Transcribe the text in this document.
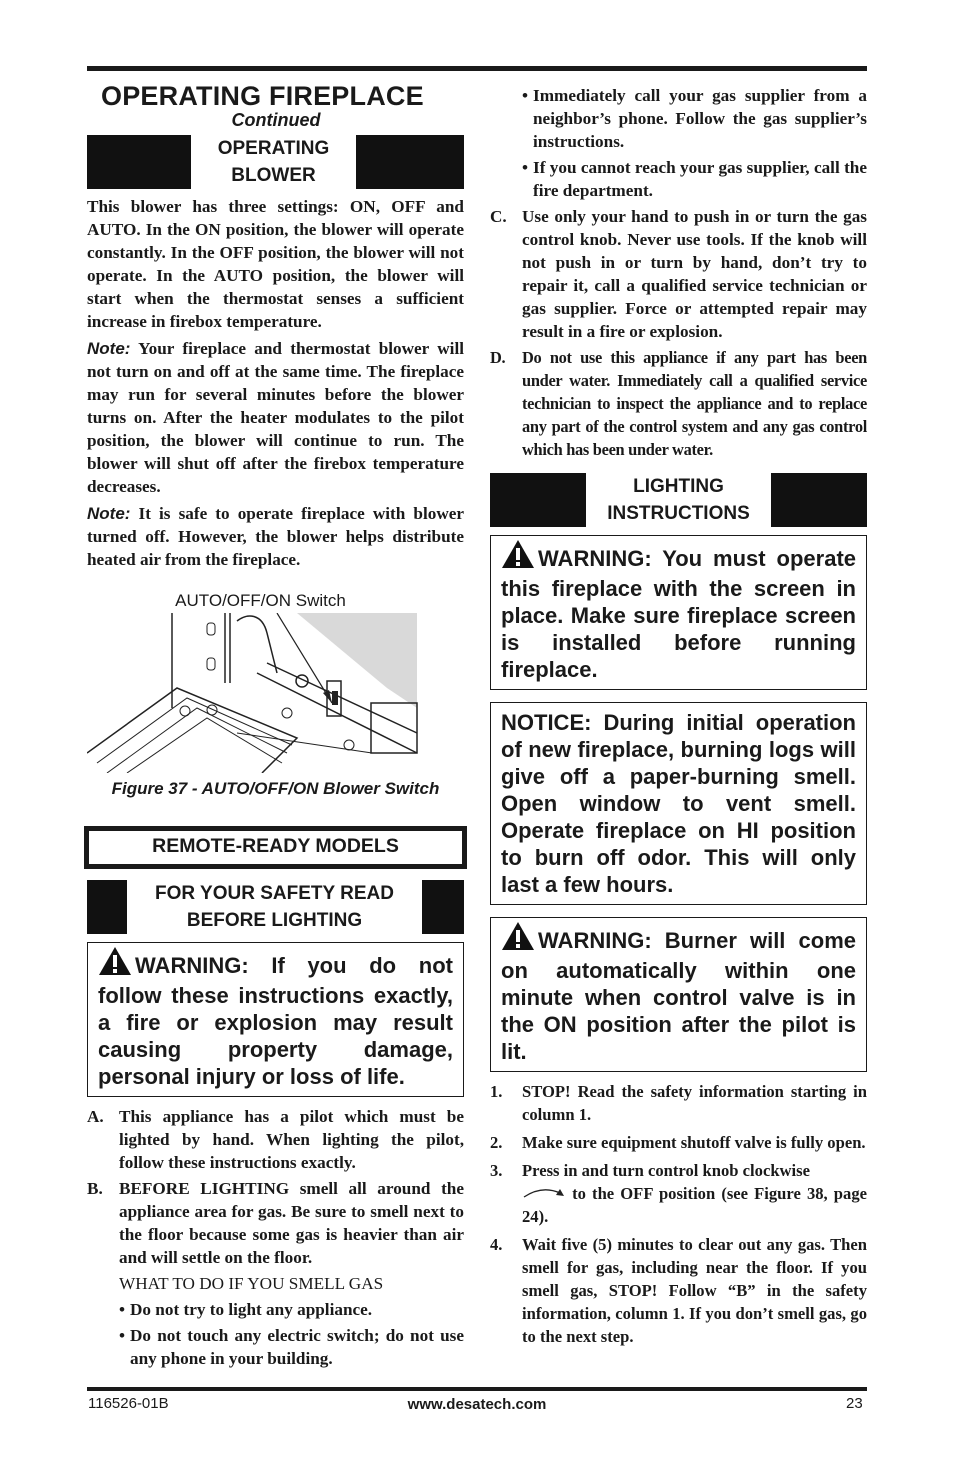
OPERATING FIREPLACE
Continued
OPERATING BLOWER

This blower has three settings: ON, OFF and AUTO. In the ON position, the blower will operate constantly. In the OFF position, the blower will not operate. In the AUTO position, the blower will start when the thermostat senses a sufficient increase in firebox temperature.

Note: Your fireplace and thermostat blower will not turn on and off at the same time. The fireplace may run for several minutes before the blower turns on. After the heater modulates to the pilot position, the blower will continue to run. The blower will shut off after the firebox temperature decreases.

Note: It is safe to operate fireplace with blower turned off. However, the blower helps distribute heated air from the fireplace.

AUTO/OFF/ON Switch
Figure 37 - AUTO/OFF/ON Blower Switch
REMOTE-READY MODELS
FOR YOUR SAFETY READ BEFORE LIGHTING
WARNING: If you do not follow these instructions exactly, a fire or explosion may result causing property damage, personal injury or loss of life.
A. This appliance has a pilot which must be lighted by hand. When lighting the pilot, follow these instructions exactly.
B. BEFORE LIGHTING smell all around the appliance area for gas. Be sure to smell next to the floor because some gas is heavier than air and will settle on the floor.
WHAT TO DO IF YOU SMELL GAS
• Do not try to light any appliance.
• Do not touch any electric switch; do not use any phone in your building.
• Immediately call your gas supplier from a neighbor’s phone. Follow the gas supplier’s instructions.
• If you cannot reach your gas supplier, call the fire department.
C. Use only your hand to push in or turn the gas control knob. Never use tools. If the knob will not push in or turn by hand, don’t try to repair it, call a qualified service technician or gas supplier. Force or attempted repair may result in a fire or explosion.
D.	Do not use this appliance if any part has been under water. Immediately call a qualified service technician to inspect the appliance and to replace any part of the control system and any gas control which has been under water.
LIGHTING INSTRUCTIONS
WARNING: You must operate this fireplace with the screen in place. Make sure fireplace screen is installed before running fireplace.
NOTICE: During initial operation of new fireplace, burning logs will give off a paper-burning smell. Open window to vent smell. Operate fireplace on HI position to burn off odor. This will only last a few hours.
WARNING: Burner will come on automatically within one minute when control valve is in the ON position after the pilot is lit.
1.	STOP! Read the safety information starting in column 1.
2.	Make sure equipment shutoff valve is fully open.
3.	Press in and turn control knob clockwise
to the OFF position (see Figure 38, page 24).
4.	Wait five (5) minutes to clear out any gas. Then smell for gas, including near the floor. If you smell gas, STOP! Follow “B” in the safety information, column 1. If you don’t smell gas, go to the next step.
116526-01B	www.desatech.com	23
